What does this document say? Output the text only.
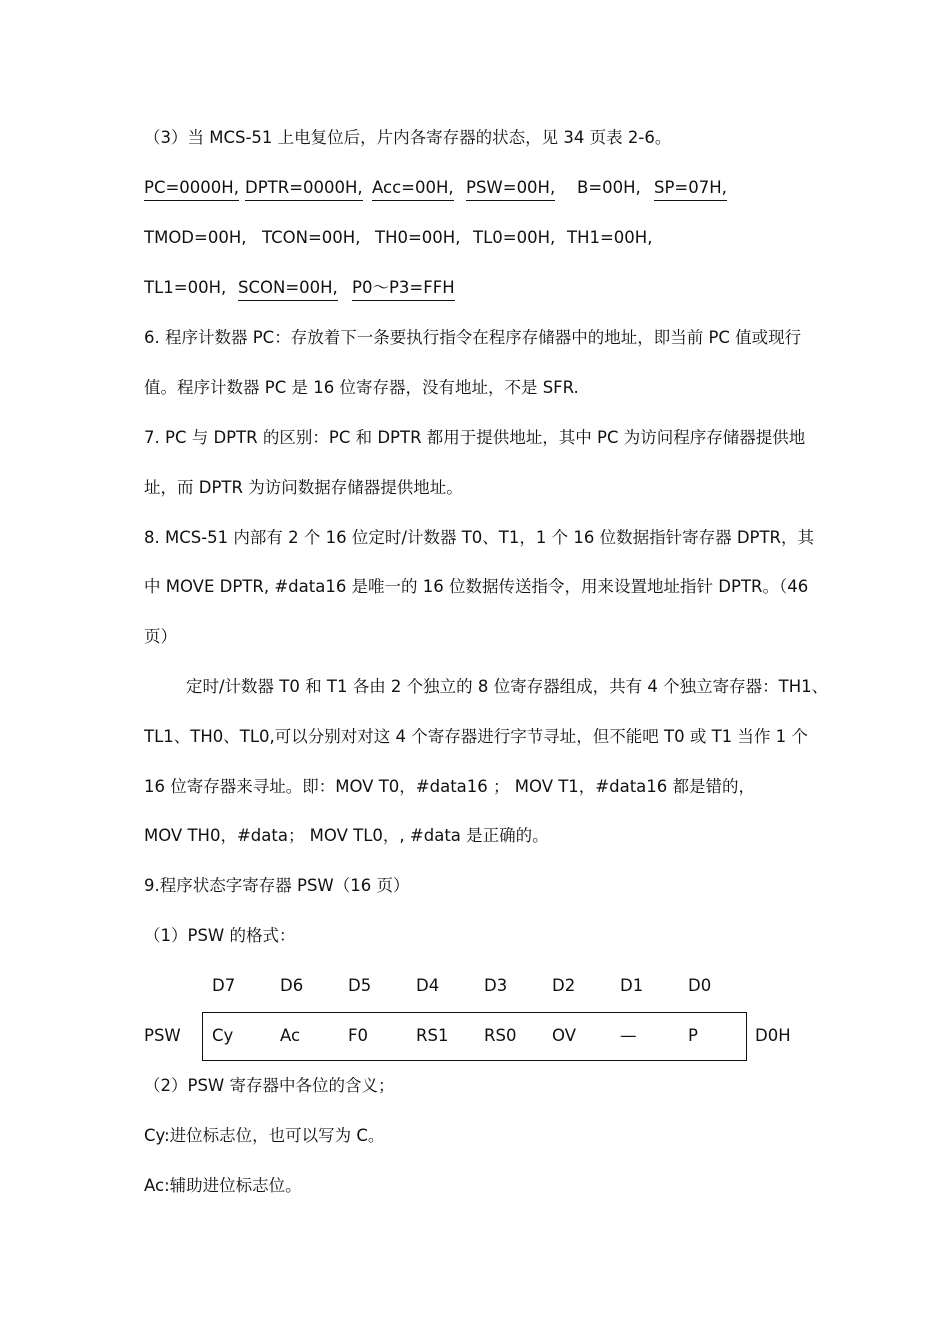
（3）当 MCS-51 上电复位后，片内各寄存器的状态，见 34 页表 2-6。
PC=0000H, DPTR=0000H, Acc=00H, PSW=00H, B=00H, SP=07H,
TMOD=00H, TCON=00H, TH0=00H, TL0=00H, TH1=00H,
TL1=00H, SCON=00H, P0～P3=FFH
6. 程序计数器 PC：存放着下一条要执行指令在程序存储器中的地址，即当前 PC 值或现行
值。程序计数器 PC 是 16 位寄存器，没有地址，不是 SFR.
7. PC 与 DPTR 的区别：PC 和 DPTR 都用于提供地址，其中 PC 为访问程序存储器提供地
址，而 DPTR 为访问数据存储器提供地址。
8. MCS-51 内部有 2 个 16 位定时/计数器 T0、T1，1 个 16 位数据指针寄存器 DPTR，其
中 MOVE DPTR, #data16 是唯一的 16 位数据传送指令，用来设置地址指针 DPTR。（46
页）
定时/计数器 T0 和 T1 各由 2 个独立的 8 位寄存器组成，共有 4 个独立寄存器：TH1、
TL1、TH0、TL0,可以分别对对这 4 个寄存器进行字节寻址，但不能吧 T0 或 T1 当作 1 个
16 位寄存器来寻址。即：MOV T0，#data16 ； MOV T1，#data16 都是错的，
MOV TH0，#data； MOV TL0，, #data 是正确的。
9.程序状态字寄存器 PSW（16 页）
（1）PSW 的格式：
D7	D6	D5	D4	D3	D2	D1	D0
PSW Cy	Ac	F0	RS1 RS0 OV	—	P	D0H
（2）PSW 寄存器中各位的含义；
Cy:进位标志位，也可以写为 C。
Ac:辅助进位标志位。
